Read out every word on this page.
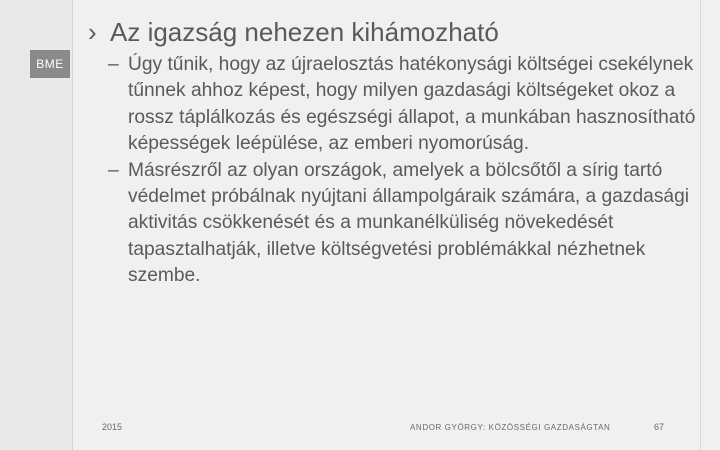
BME
› Az igazság nehezen kihámozható
– Úgy tűnik, hogy az újraelosztás hatékonysági költségei csekélynek tűnnek ahhoz képest, hogy milyen gazdasági költségeket okoz a rossz táplálkozás és egészségi állapot, a munkában hasznosítható képességek leépülése, az emberi nyomorúság.
– Másrészről az olyan országok, amelyek a bölcsőtől a sírig tartó védelmet próbálnak nyújtani állampolgáraik számára, a gazdasági aktivitás csökkenését és a munkanélküliség növekedését tapasztalhatják, illetve költségvetési problémákkal nézhetnek szembe.
2015	ANDOR GYÖRGY: KÖZÖSSÉGI GAZDASÁGTAN	67
